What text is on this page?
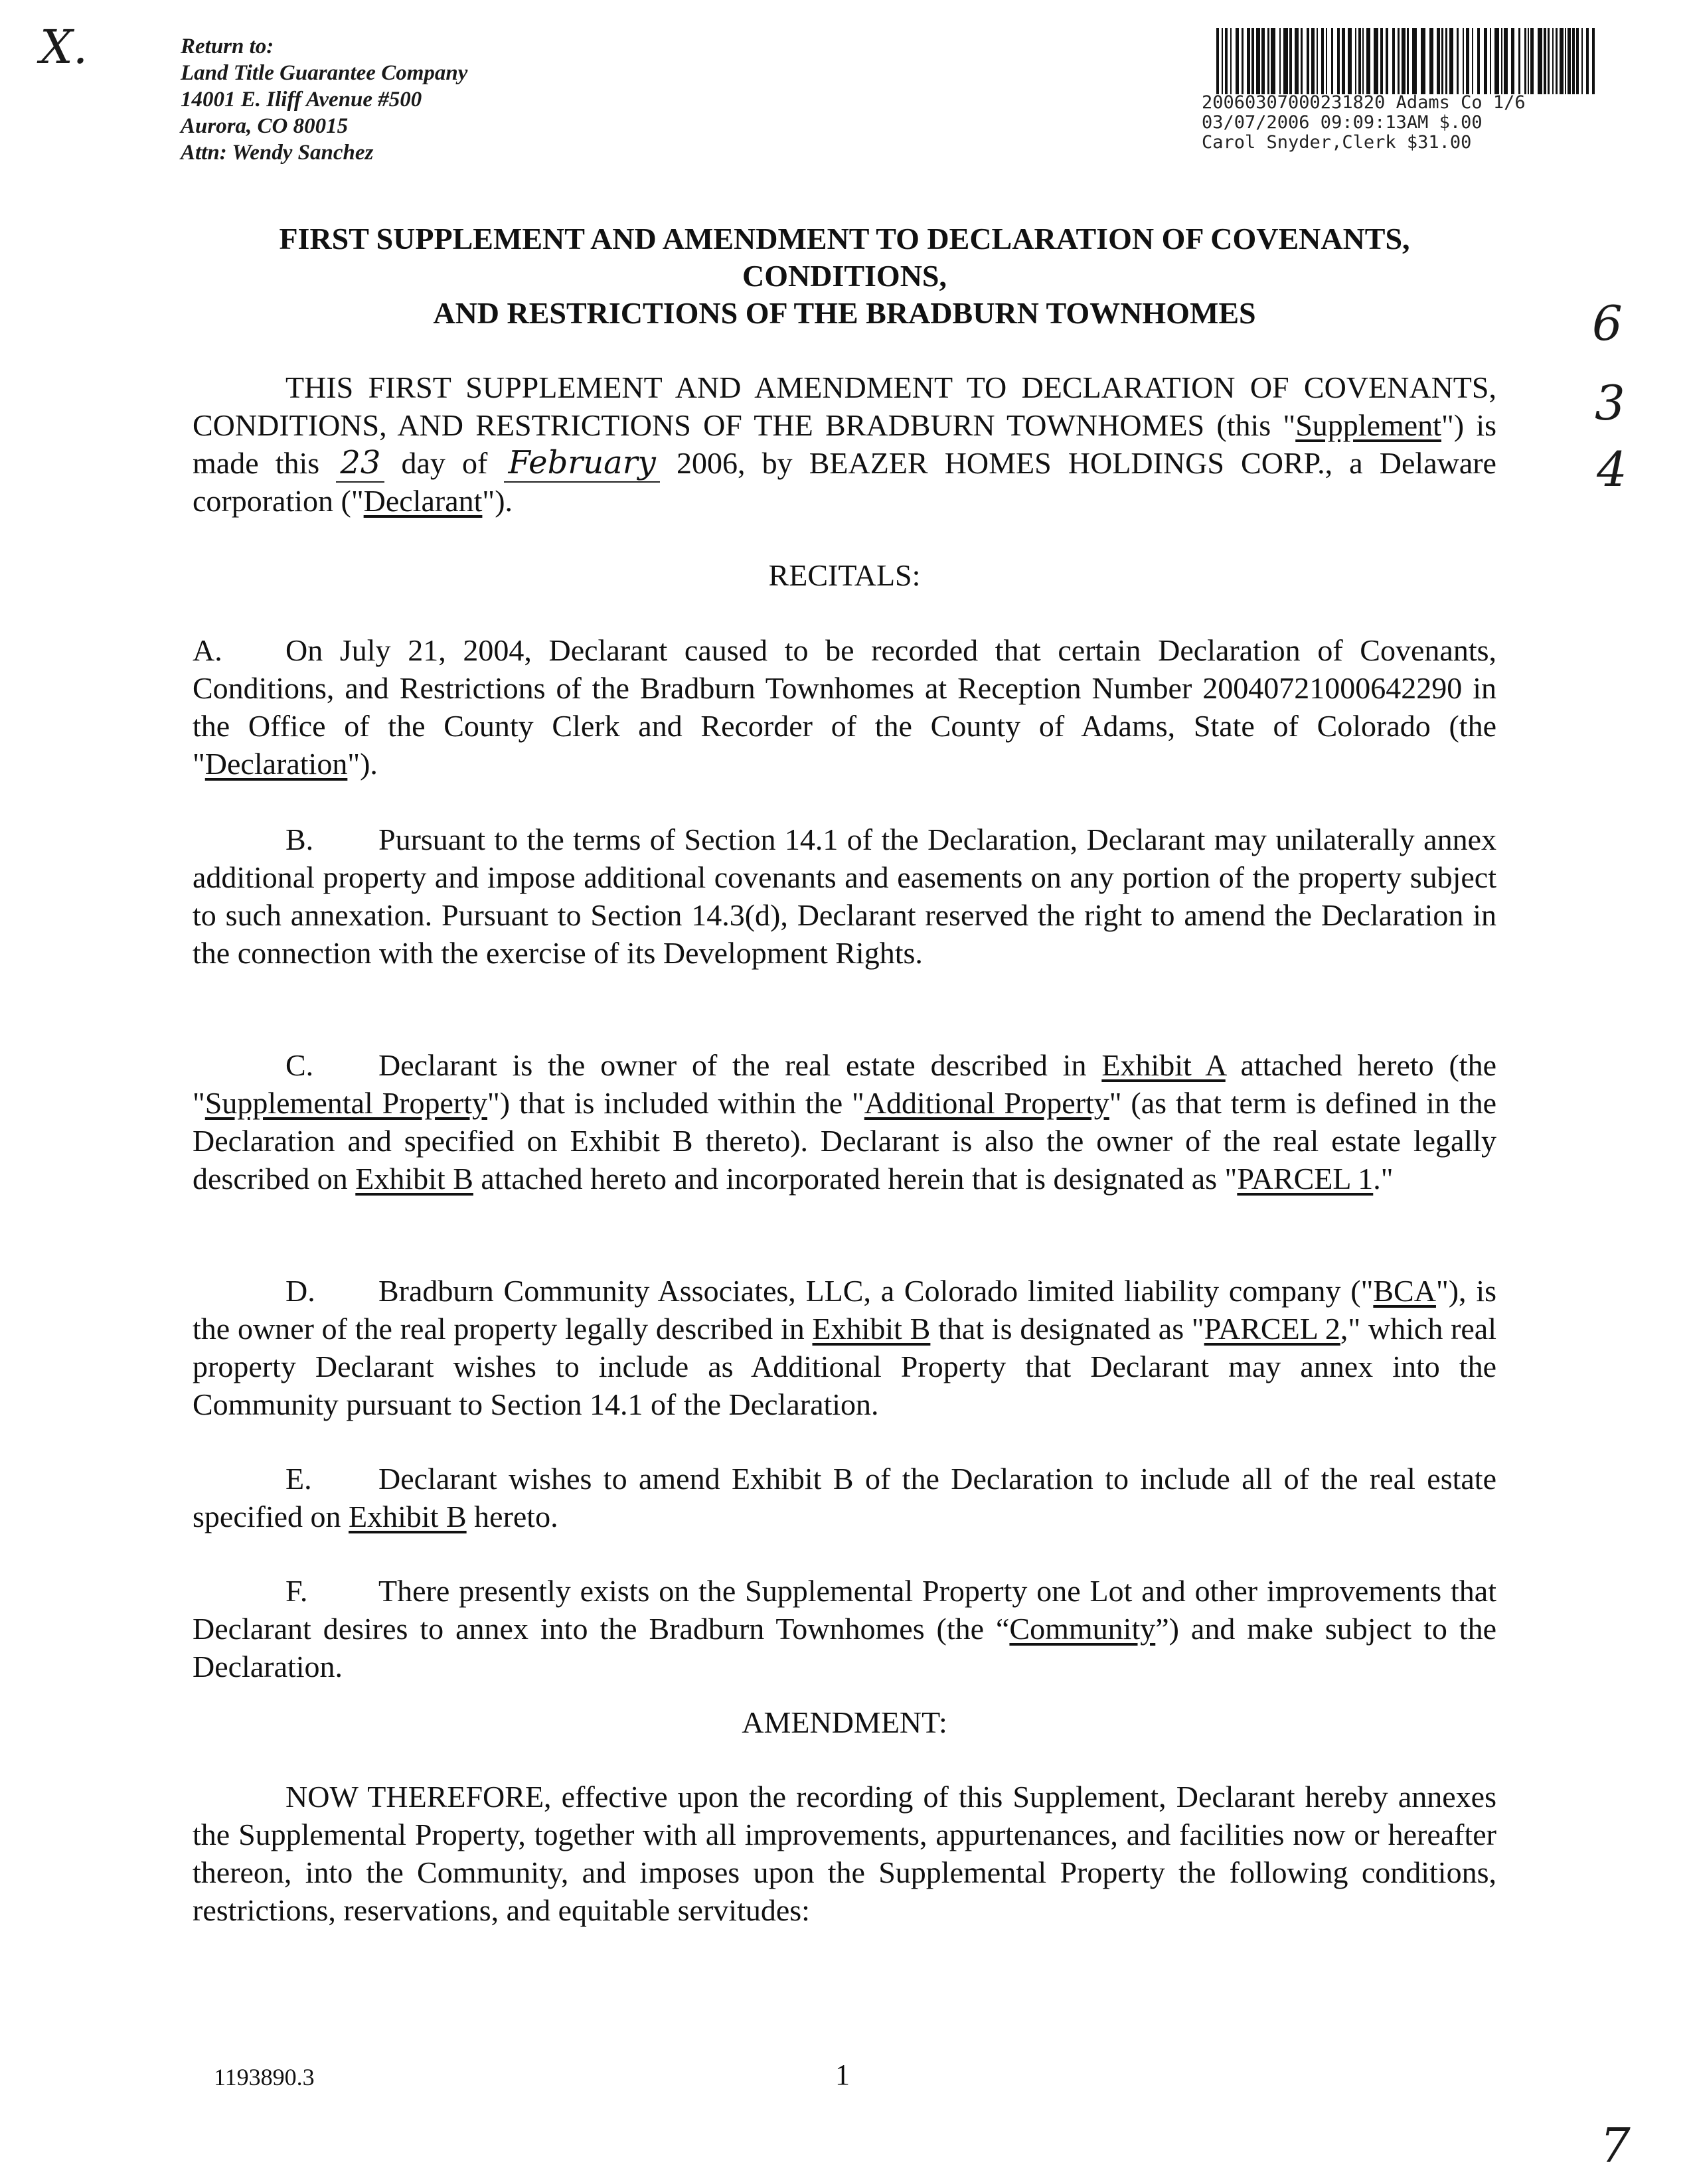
X.	Return to:
Land Title Guarantee Company
14001 E. Iliff Avenue #500
Aurora, CO 80015
Attn: Wendy Sanchez
20060307000231820 Adams Co 1/6
03/07/2006 09:09:13AM $.00
Carol Snyder,Clerk $31.00
FIRST SUPPLEMENT AND AMENDMENT TO DECLARATION OF COVENANTS,
CONDITIONS,
AND RESTRICTIONS OF THE BRADBURN TOWNHOMES	6
3
4
THIS FIRST SUPPLEMENT AND AMENDMENT TO DECLARATION OF COVENANTS, CONDITIONS, AND RESTRICTIONS OF THE BRADBURN TOWNHOMES (this "Supplement") is made this 23 day of February 2006, by BEAZER HOMES HOLDINGS CORP., a Delaware corporation ("Declarant").
RECITALS:
A. On July 21, 2004, Declarant caused to be recorded that certain Declaration of Covenants, Conditions, and Restrictions of the Bradburn Townhomes at Reception Number 20040721000642290 in the Office of the County Clerk and Recorder of the County of Adams, State of Colorado (the "Declaration").
B. Pursuant to the terms of Section 14.1 of the Declaration, Declarant may unilaterally annex additional property and impose additional covenants and easements on any portion of the property subject to such annexation. Pursuant to Section 14.3(d), Declarant reserved the right to amend the Declaration in the connection with the exercise of its Development Rights.
C. Declarant is the owner of the real estate described in Exhibit A attached hereto (the "Supplemental Property") that is included within the "Additional Property" (as that term is defined in the Declaration and specified on Exhibit B thereto). Declarant is also the owner of the real estate legally described on Exhibit B attached hereto and incorporated herein that is designated as "PARCEL 1."
D. Bradburn Community Associates, LLC, a Colorado limited liability company ("BCA"), is the owner of the real property legally described in Exhibit B that is designated as "PARCEL 2," which real property Declarant wishes to include as Additional Property that Declarant may annex into the Community pursuant to Section 14.1 of the Declaration.
E. Declarant wishes to amend Exhibit B of the Declaration to include all of the real estate specified on Exhibit B hereto.
F. There presently exists on the Supplemental Property one Lot and other improvements that Declarant desires to annex into the Bradburn Townhomes (the “Community”) and make subject to the Declaration.
AMENDMENT:
NOW THEREFORE, effective upon the recording of this Supplement, Declarant hereby annexes the Supplemental Property, together with all improvements, appurtenances, and facilities now or hereafter thereon, into the Community, and imposes upon the Supplemental Property the following conditions, restrictions, reservations, and equitable servitudes:
1193890.3	1
7
